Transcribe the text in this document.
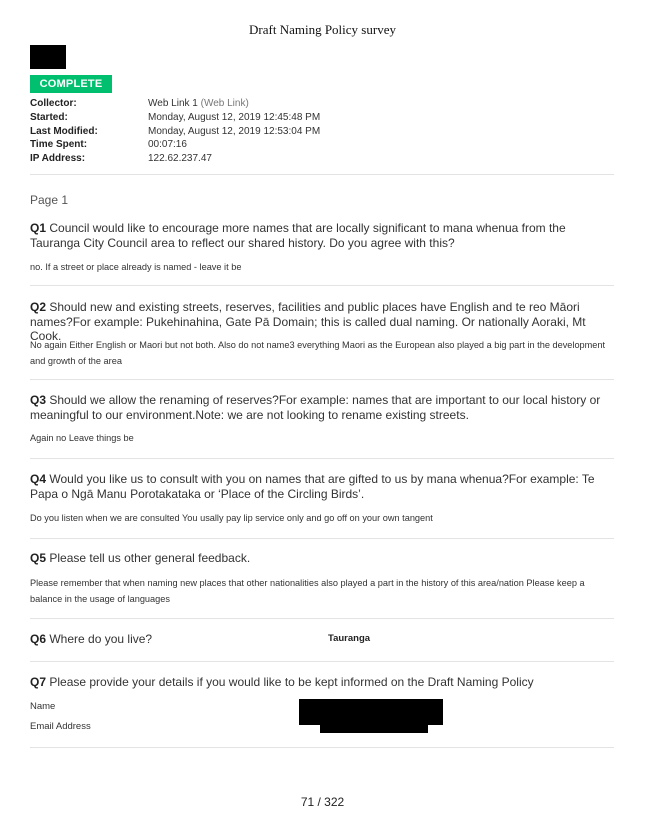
Draft Naming Policy survey
COMPLETE
Collector:	Web Link 1 (Web Link)
Started:	Monday, August 12, 2019 12:45:48 PM
Last Modified:	Monday, August 12, 2019 12:53:04 PM
Time Spent:	00:07:16
IP Address:	122.62.237.47
Page 1
Q1 Council would like to encourage more names that are locally significant to mana whenua from the Tauranga City Council area to reflect our shared history. Do you agree with this?
no. If a street or place already is named - leave it be
Q2 Should new and existing streets, reserves, facilities and public places have English and te reo Māori names?For example: Pukehinahina, Gate Pā Domain; this is called dual naming. Or nationally Aoraki, Mt Cook.
No again Either English or Maori but not both. Also do not name3 everything Maori as the European also played a big part in the development and growth of the area
Q3 Should we allow the renaming of reserves?For example: names that are important to our local history or meaningful to our environment.Note: we are not looking to rename existing streets.
Again no Leave things be
Q4 Would you like us to consult with you on names that are gifted to us by mana whenua?For example: Te Papa o Ngā Manu Porotakataka or ‘Place of the Circling Birds’.
Do you listen when we are consulted You usally pay lip service only and go off on your own tangent
Q5 Please tell us other general feedback.
Please remember that when naming new places that other nationalities also played a part in the history of this area/nation Please keep a balance in the usage of languages
Q6 Where do you live?	Tauranga
Q7 Please provide your details if you would like to be kept informed on the Draft Naming Policy
Name
Email Address
71 / 322
